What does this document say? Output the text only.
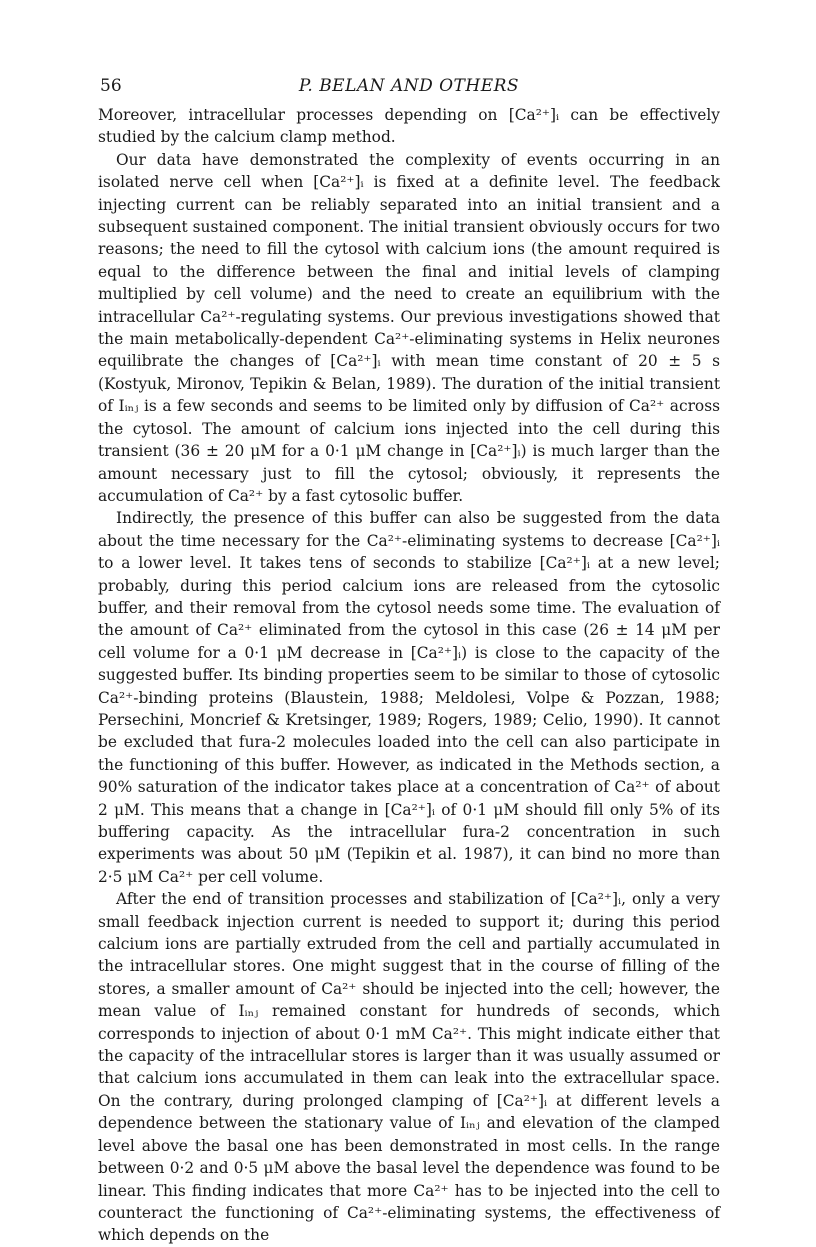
56	P. BELAN AND OTHERS

Moreover, intracellular processes depending on [Ca²⁺]ᵢ can be effectively studied by the calcium clamp method.

Our data have demonstrated the complexity of events occurring in an isolated nerve cell when [Ca²⁺]ᵢ is fixed at a definite level. The feedback injecting current can be reliably separated into an initial transient and a subsequent sustained component. The initial transient obviously occurs for two reasons; the need to fill the cytosol with calcium ions (the amount required is equal to the difference between the final and initial levels of clamping multiplied by cell volume) and the need to create an equilibrium with the intracellular Ca²⁺-regulating systems. Our previous investigations showed that the main metabolically-dependent Ca²⁺-eliminating systems in Helix neurones equilibrate the changes of [Ca²⁺]ᵢ with mean time constant of 20 ± 5 s (Kostyuk, Mironov, Tepikin & Belan, 1989). The duration of the initial transient of Iᵢₙⱼ is a few seconds and seems to be limited only by diffusion of Ca²⁺ across the cytosol. The amount of calcium ions injected into the cell during this transient (36 ± 20 μM for a 0·1 μM change in [Ca²⁺]ᵢ) is much larger than the amount necessary just to fill the cytosol; obviously, it represents the accumulation of Ca²⁺ by a fast cytosolic buffer.

Indirectly, the presence of this buffer can also be suggested from the data about the time necessary for the Ca²⁺-eliminating systems to decrease [Ca²⁺]ᵢ to a lower level. It takes tens of seconds to stabilize [Ca²⁺]ᵢ at a new level; probably, during this period calcium ions are released from the cytosolic buffer, and their removal from the cytosol needs some time. The evaluation of the amount of Ca²⁺ eliminated from the cytosol in this case (26 ± 14 μM per cell volume for a 0·1 μM decrease in [Ca²⁺]ᵢ) is close to the capacity of the suggested buffer. Its binding properties seem to be similar to those of cytosolic Ca²⁺-binding proteins (Blaustein, 1988; Meldolesi, Volpe & Pozzan, 1988; Persechini, Moncrief & Kretsinger, 1989; Rogers, 1989; Celio, 1990). It cannot be excluded that fura-2 molecules loaded into the cell can also participate in the functioning of this buffer. However, as indicated in the Methods section, a 90% saturation of the indicator takes place at a concentration of Ca²⁺ of about 2 μM. This means that a change in [Ca²⁺]ᵢ of 0·1 μM should fill only 5% of its buffering capacity. As the intracellular fura-2 concentration in such experiments was about 50 μM (Tepikin et al. 1987), it can bind no more than 2·5 μM Ca²⁺ per cell volume.

After the end of transition processes and stabilization of [Ca²⁺]ᵢ, only a very small feedback injection current is needed to support it; during this period calcium ions are partially extruded from the cell and partially accumulated in the intracellular stores. One might suggest that in the course of filling of the stores, a smaller amount of Ca²⁺ should be injected into the cell; however, the mean value of Iᵢₙⱼ remained constant for hundreds of seconds, which corresponds to injection of about 0·1 mM Ca²⁺. This might indicate either that the capacity of the intracellular stores is larger than it was usually assumed or that calcium ions accumulated in them can leak into the extracellular space. On the contrary, during prolonged clamping of [Ca²⁺]ᵢ at different levels a dependence between the stationary value of Iᵢₙⱼ and elevation of the clamped level above the basal one has been demonstrated in most cells. In the range between 0·2 and 0·5 μM above the basal level the dependence was found to be linear. This finding indicates that more Ca²⁺ has to be injected into the cell to counteract the functioning of Ca²⁺-eliminating systems, the effectiveness of which depends on the
